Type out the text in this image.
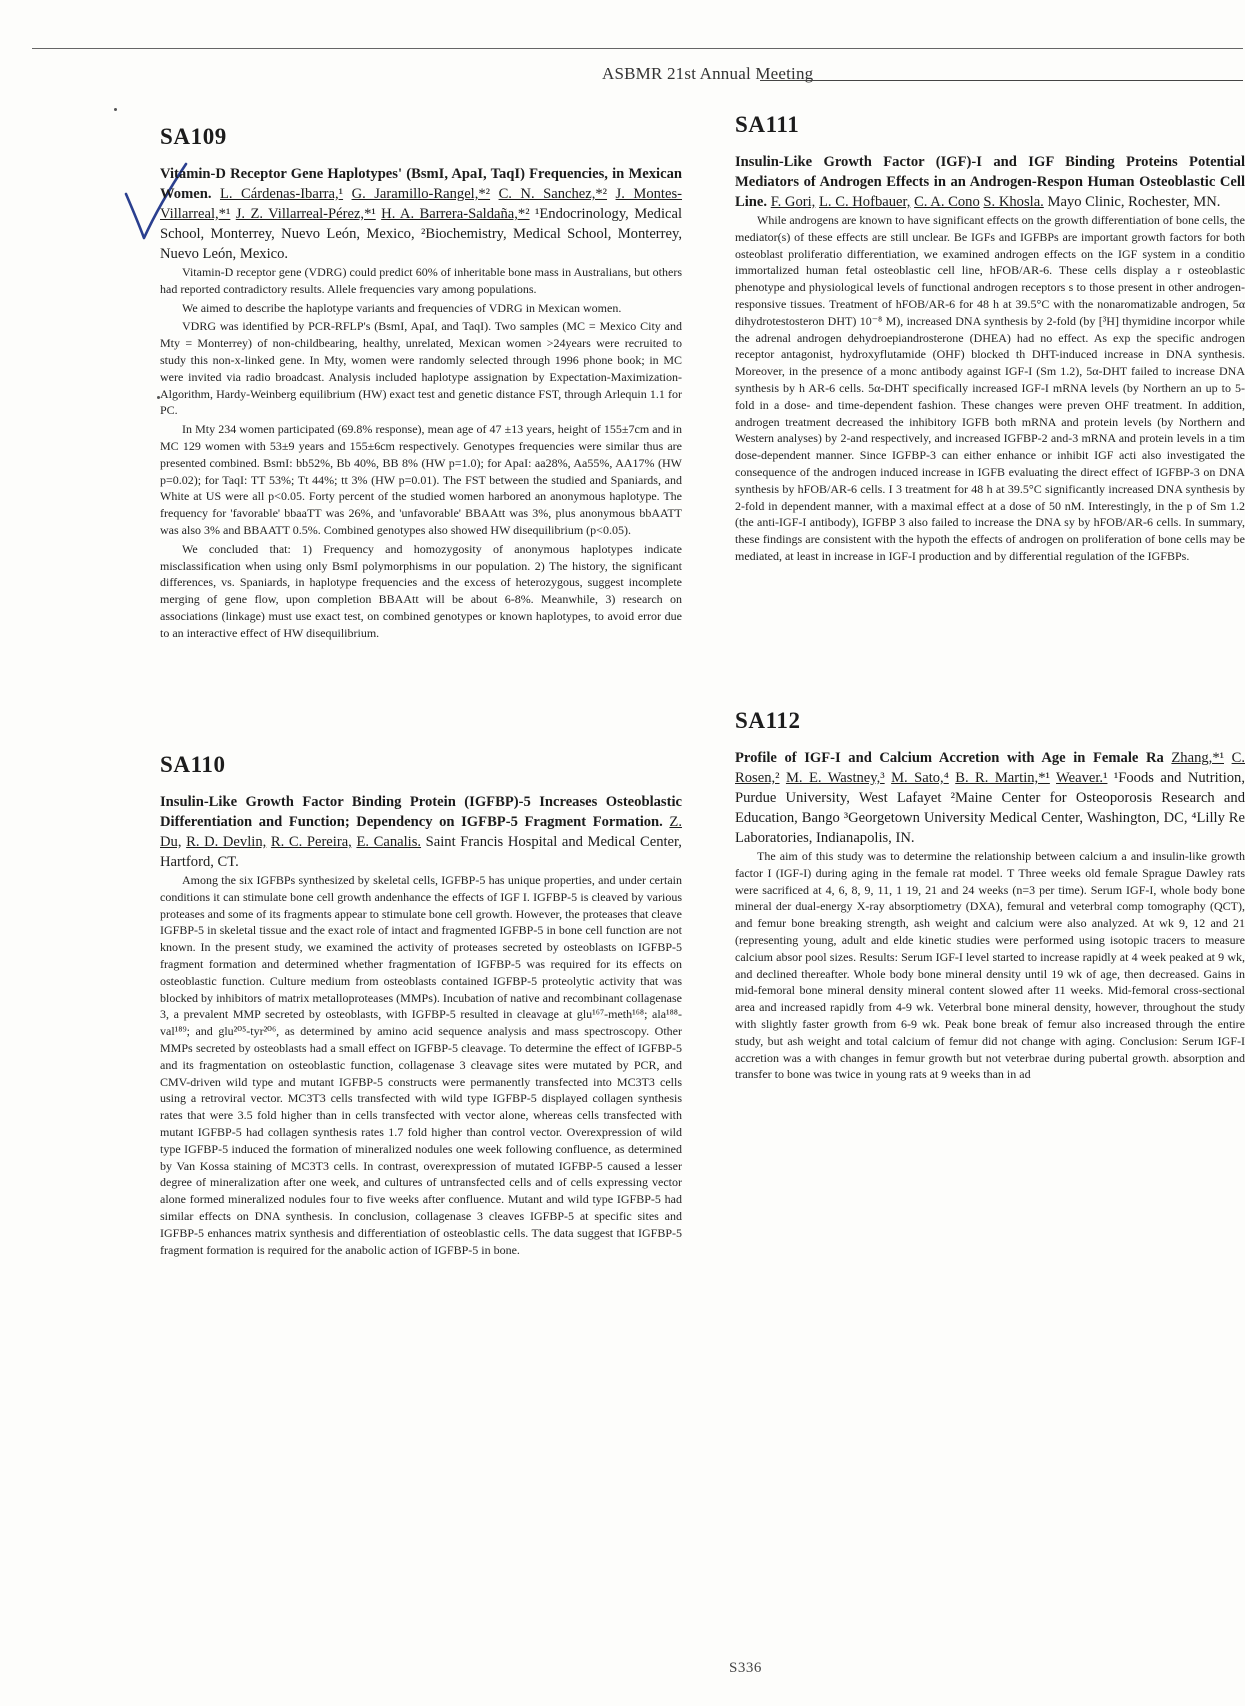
ASBMR 21st Annual Meeting
SA109
Vitamin-D Receptor Gene Haplotypes' (BsmI, ApaI, TaqI) Frequencies, in Mexican Women. L. Cárdenas-Ibarra,¹ G. Jaramillo-Rangel,*² C. N. Sanchez,*² J. Montes-Villarreal,*¹ J. Z. Villarreal-Pérez,*¹ H. A. Barrera-Saldaña,*² ¹Endocrinology, Medical School, Monterrey, Nuevo León, Mexico, ²Biochemistry, Medical School, Monterrey, Nuevo León, Mexico.

Vitamin-D receptor gene (VDRG) could predict 60% of inheritable bone mass in Australians, but others had reported contradictory results. Allele frequencies vary among populations.

We aimed to describe the haplotype variants and frequencies of VDRG in Mexican women.

VDRG was identified by PCR-RFLP's (BsmI, ApaI, and TaqI). Two samples (MC = Mexico City and Mty = Monterrey) of non-childbearing, healthy, unrelated, Mexican women >24years were recruited to study this non-x-linked gene. In Mty, women were randomly selected through 1996 phone book; in MC were invited via radio broadcast. Analysis included haplotype assignation by Expectation-Maximization-Algorithm, Hardy-Weinberg equilibrium (HW) exact test and genetic distance FST, through Arlequin 1.1 for PC.

In Mty 234 women participated (69.8% response), mean age of 47 ±13 years, height of 155±7cm and in MC 129 women with 53±9 years and 155±6cm respectively. Genotypes frequencies were similar thus are presented combined. BsmI: bb52%, Bb 40%, BB 8% (HW p=1.0); for ApaI: aa28%, Aa55%, AA17% (HW p=0.02); for TaqI: TT 53%; Tt 44%; tt 3% (HW p=0.01). The FST between the studied and Spaniards, and White at US were all p<0.05. Forty percent of the studied women harbored an anonymous haplotype. The frequency for 'favorable' bbaaTT was 26%, and 'unfavorable' BBAAtt was 3%, plus anonymous bbAATT was also 3% and BBAATT 0.5%. Combined genotypes also showed HW disequilibrium (p<0.05).

We concluded that: 1) Frequency and homozygosity of anonymous haplotypes indicate misclassification when using only BsmI polymorphisms in our population. 2) The history, the significant differences, vs. Spaniards, in haplotype frequencies and the excess of heterozygous, suggest incomplete merging of gene flow, upon completion BBAAtt will be about 6-8%. Meanwhile, 3) research on associations (linkage) must use exact test, on combined genotypes or known haplotypes, to avoid error due to an interactive effect of HW disequilibrium.

SA110
Insulin-Like Growth Factor Binding Protein (IGFBP)-5 Increases Osteoblastic Differentiation and Function; Dependency on IGFBP-5 Fragment Formation. Z. Du, R. D. Devlin, R. C. Pereira, E. Canalis. Saint Francis Hospital and Medical Center, Hartford, CT.

Among the six IGFBPs synthesized by skeletal cells, IGFBP-5 has unique properties, and under certain conditions it can stimulate bone cell growth andenhance the effects of IGF I. IGFBP-5 is cleaved by various proteases and some of its fragments appear to stimulate bone cell growth. However, the proteases that cleave IGFBP-5 in skeletal tissue and the exact role of intact and fragmented IGFBP-5 in bone cell function are not known. In the present study, we examined the activity of proteases secreted by osteoblasts on IGFBP-5 fragment formation and determined whether fragmentation of IGFBP-5 was required for its effects on osteoblastic function. Culture medium from osteoblasts contained IGFBP-5 proteolytic activity that was blocked by inhibitors of matrix metalloproteases (MMPs). Incubation of native and recombinant collagenase 3, a prevalent MMP secreted by osteoblasts, with IGFBP-5 resulted in cleavage at glu¹⁶⁷-meth¹⁶⁸; ala¹⁸⁸-val¹⁸⁹; and glu²⁰⁵-tyr²⁰⁶, as determined by amino acid sequence analysis and mass spectroscopy. Other MMPs secreted by osteoblasts had a small effect on IGFBP-5 cleavage. To determine the effect of IGFBP-5 and its fragmentation on osteoblastic function, collagenase 3 cleavage sites were mutated by PCR, and CMV-driven wild type and mutant IGFBP-5 constructs were permanently transfected into MC3T3 cells using a retroviral vector. MC3T3 cells transfected with wild type IGFBP-5 displayed collagen synthesis rates that were 3.5 fold higher than in cells transfected with vector alone, whereas cells transfected with mutant IGFBP-5 had collagen synthesis rates 1.7 fold higher than control vector. Overexpression of wild type IGFBP-5 induced the formation of mineralized nodules one week following confluence, as determined by Van Kossa staining of MC3T3 cells. In contrast, overexpression of mutated IGFBP-5 caused a lesser degree of mineralization after one week, and cultures of untransfected cells and of cells expressing vector alone formed mineralized nodules four to five weeks after confluence. Mutant and wild type IGFBP-5 had similar effects on DNA synthesis. In conclusion, collagenase 3 cleaves IGFBP-5 at specific sites and IGFBP-5 enhances matrix synthesis and differentiation of osteoblastic cells. The data suggest that IGFBP-5 fragment formation is required for the anabolic action of IGFBP-5 in bone.

SA111
Insulin-Like Growth Factor (IGF)-I and IGF Binding Proteins Potential Mediators of Androgen Effects in an Androgen-Respon Human Osteoblastic Cell Line. F. Gori, L. C. Hofbauer, C. A. Cono S. Khosla. Mayo Clinic, Rochester, MN.

While androgens are known to have significant effects on the growth differentiation of bone cells, the mediator(s) of these effects are still unclear. Be IGFs and IGFBPs are important growth factors for both osteoblast proliferatio differentiation, we examined androgen effects on the IGF system in a conditio immortalized human fetal osteoblastic cell line, hFOB/AR-6. These cells display a r osteoblastic phenotype and physiological levels of functional androgen receptors s to those present in other androgen-responsive tissues. Treatment of hFOB/AR-6 for 48 h at 39.5°C with the nonaromatizable androgen, 5α dihydrotestosteron DHT) 10⁻⁸ M), increased DNA synthesis by 2-fold (by [³H] thymidine incorpor while the adrenal androgen dehydroepiandrosterone (DHEA) had no effect. As exp the specific androgen receptor antagonist, hydroxyflutamide (OHF) blocked th DHT-induced increase in DNA synthesis. Moreover, in the presence of a monc antibody against IGF-I (Sm 1.2), 5α-DHT failed to increase DNA synthesis by h AR-6 cells. 5α-DHT specifically increased IGF-I mRNA levels (by Northern an up to 5-fold in a dose- and time-dependent fashion. These changes were preven OHF treatment. In addition, androgen treatment decreased the inhibitory IGFB both mRNA and protein levels (by Northern and Western analyses) by 2-and respectively, and increased IGFBP-2 and-3 mRNA and protein levels in a tim dose-dependent manner. Since IGFBP-3 can either enhance or inhibit IGF acti also investigated the consequence of the androgen induced increase in IGFB evaluating the direct effect of IGFBP-3 on DNA synthesis by hFOB/AR-6 cells. I 3 treatment for 48 h at 39.5°C significantly increased DNA synthesis by 2-fold in dependent manner, with a maximal effect at a dose of 50 nM. Interestingly, in the p of Sm 1.2 (the anti-IGF-I antibody), IGFBP 3 also failed to increase the DNA sy by hFOB/AR-6 cells. In summary, these findings are consistent with the hypoth the effects of androgen on proliferation of bone cells may be mediated, at least in increase in IGF-I production and by differential regulation of the IGFBPs.

SA112
Profile of IGF-I and Calcium Accretion with Age in Female Ra Zhang,*¹ C. Rosen,² M. E. Wastney,³ M. Sato,⁴ B. R. Martin,*¹ Weaver.¹ ¹Foods and Nutrition, Purdue University, West Lafayet ²Maine Center for Osteoporosis Research and Education, Bango ³Georgetown University Medical Center, Washington, DC, ⁴Lilly Re Laboratories, Indianapolis, IN.

The aim of this study was to determine the relationship between calcium a and insulin-like growth factor I (IGF-I) during aging in the female rat model. T Three weeks old female Sprague Dawley rats were sacrificed at 4, 6, 8, 9, 11, 1 19, 21 and 24 weeks (n=3 per time). Serum IGF-I, whole body bone mineral der dual-energy X-ray absorptiometry (DXA), femural and veterbral comp tomography (QCT), and femur bone breaking strength, ash weight and calcium were also analyzed. At wk 9, 12 and 21 (representing young, adult and elde kinetic studies were performed using isotopic tracers to measure calcium absor pool sizes. Results: Serum IGF-I level started to increase rapidly at 4 week peaked at 9 wk, and declined thereafter. Whole body bone mineral density until 19 wk of age, then decreased. Gains in mid-femoral bone mineral density mineral content slowed after 11 weeks. Mid-femoral cross-sectional area and increased rapidly from 4-9 wk. Veterbral bone mineral density, however, throughout the study with slightly faster growth from 6-9 wk. Peak bone break of femur also increased through the entire study, but ash weight and total calcium of femur did not change with aging. Conclusion: Serum IGF-I accretion was a with changes in femur growth but not veterbrae during pubertal growth. absorption and transfer to bone was twice in young rats at 9 weeks than in ad

S336
